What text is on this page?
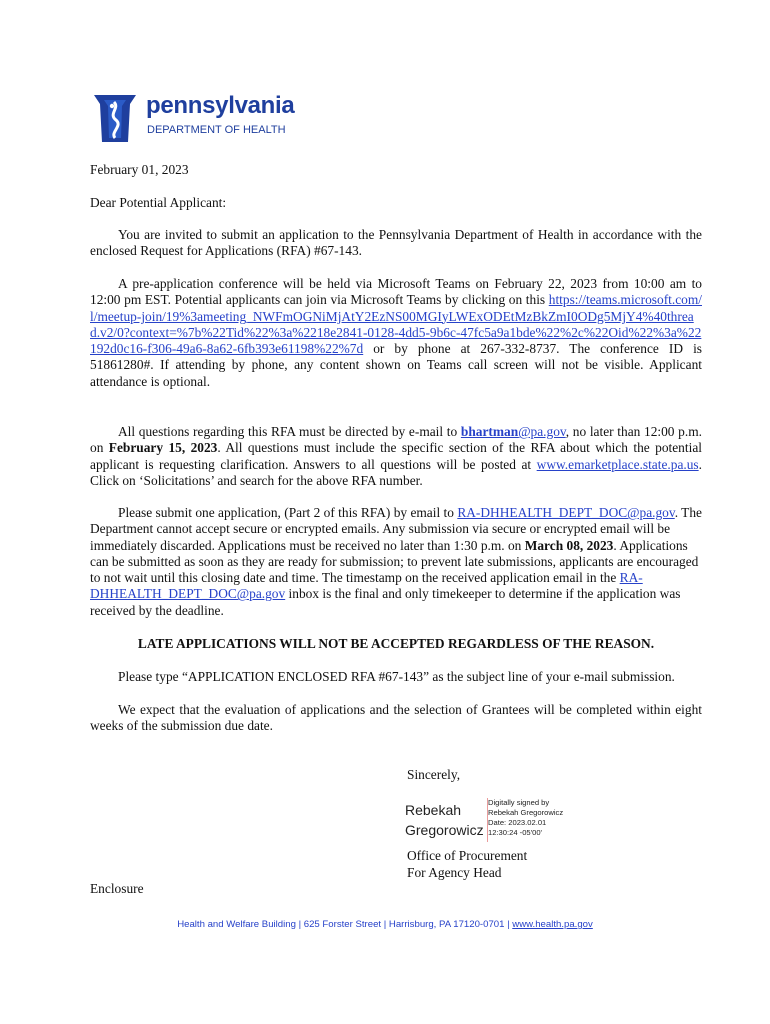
pennsylvania
DEPARTMENT OF HEALTH
February 01, 2023
Dear Potential Applicant:
You are invited to submit an application to the Pennsylvania Department of Health in accordance with the enclosed Request for Applications (RFA) #67-143.
A pre-application conference will be held via Microsoft Teams on February 22, 2023 from 10:00 am to 12:00 pm EST. Potential applicants can join via Microsoft Teams by clicking on this https://teams.microsoft.com/l/meetup-join/19%3ameeting_NWFmOGNiMjAtY2EzNS00MGIyLWExODEtMzBkZmI0ODg5MjY4%40thread.v2/0?context=%7b%22Tid%22%3a%2218e2841-0128-4dd5-9b6c-47fc5a9a1bde%22%2c%22Oid%22%3a%22192d0c16-f306-49a6-8a62-6fb393e61198%22%7d or by phone at 267-332-8737. The conference ID is 51861280#. If attending by phone, any content shown on Teams call screen will not be visible. Applicant attendance is optional.
All questions regarding this RFA must be directed by e-mail to bhartman@pa.gov, no later than 12:00 p.m. on February 15, 2023. All questions must include the specific section of the RFA about which the potential applicant is requesting clarification. Answers to all questions will be posted at www.emarketplace.state.pa.us. Click on ‘Solicitations’ and search for the above RFA number.
Please submit one application, (Part 2 of this RFA) by email to RA-DHHEALTH_DEPT_DOC@pa.gov. The Department cannot accept secure or encrypted emails. Any submission via secure or encrypted email will be immediately discarded. Applications must be received no later than 1:30 p.m. on March 08, 2023. Applications can be submitted as soon as they are ready for submission; to prevent late submissions, applicants are encouraged to not wait until this closing date and time. The timestamp on the received application email in the RA-DHHEALTH_DEPT_DOC@pa.gov inbox is the final and only timekeeper to determine if the application was received by the deadline.
LATE APPLICATIONS WILL NOT BE ACCEPTED REGARDLESS OF THE REASON.
Please type “APPLICATION ENCLOSED RFA #67-143” as the subject line of your e-mail submission.
We expect that the evaluation of applications and the selection of Grantees will be completed within eight weeks of the submission due date.
Sincerely,
Rebekah
Gregorowicz
Digitally signed by
Rebekah Gregorowicz
Date: 2023.02.01
12:30:24 -05'00'
Office of Procurement
For Agency Head
Enclosure
Health and Welfare Building | 625 Forster Street | Harrisburg, PA 17120-0701 | www.health.pa.gov
